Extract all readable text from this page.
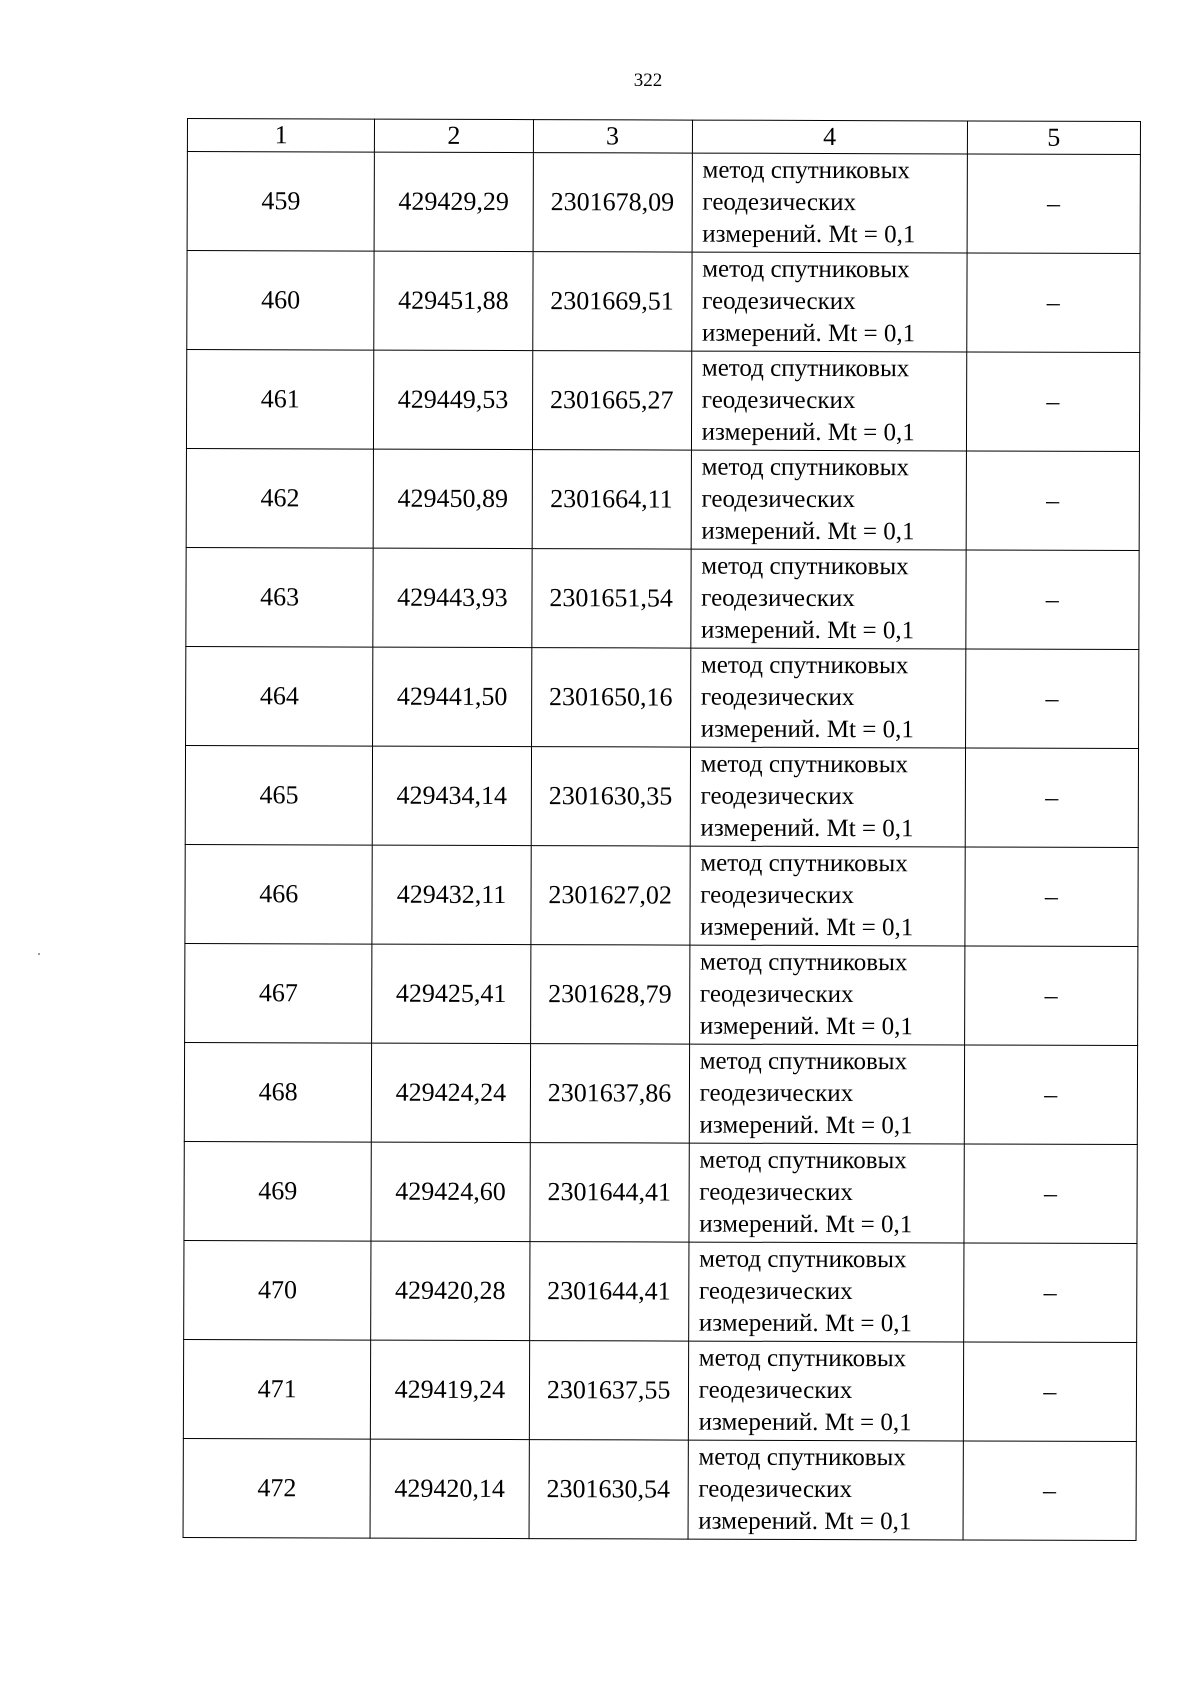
322
1	2	3	4	5
459	429429,29	2301678,09	метод спутниковых геодезических измерений. Mt = 0,1	–
460	429451,88	2301669,51	метод спутниковых геодезических измерений. Mt = 0,1	–
461	429449,53	2301665,27	метод спутниковых геодезических измерений. Mt = 0,1	–
462	429450,89	2301664,11	метод спутниковых геодезических измерений. Mt = 0,1	–
463	429443,93	2301651,54	метод спутниковых геодезических измерений. Mt = 0,1	–
464	429441,50	2301650,16	метод спутниковых геодезических измерений. Mt = 0,1	–
465	429434,14	2301630,35	метод спутниковых геодезических измерений. Mt = 0,1	–
466	429432,11	2301627,02	метод спутниковых геодезических измерений. Mt = 0,1	–
467	429425,41	2301628,79	метод спутниковых геодезических измерений. Mt = 0,1	–
468	429424,24	2301637,86	метод спутниковых геодезических измерений. Mt = 0,1	–
469	429424,60	2301644,41	метод спутниковых геодезических измерений. Mt = 0,1	–
470	429420,28	2301644,41	метод спутниковых геодезических измерений. Mt = 0,1	–
471	429419,24	2301637,55	метод спутниковых геодезических измерений. Mt = 0,1	–
472	429420,14	2301630,54	метод спутниковых геодезических измерений. Mt = 0,1	–
